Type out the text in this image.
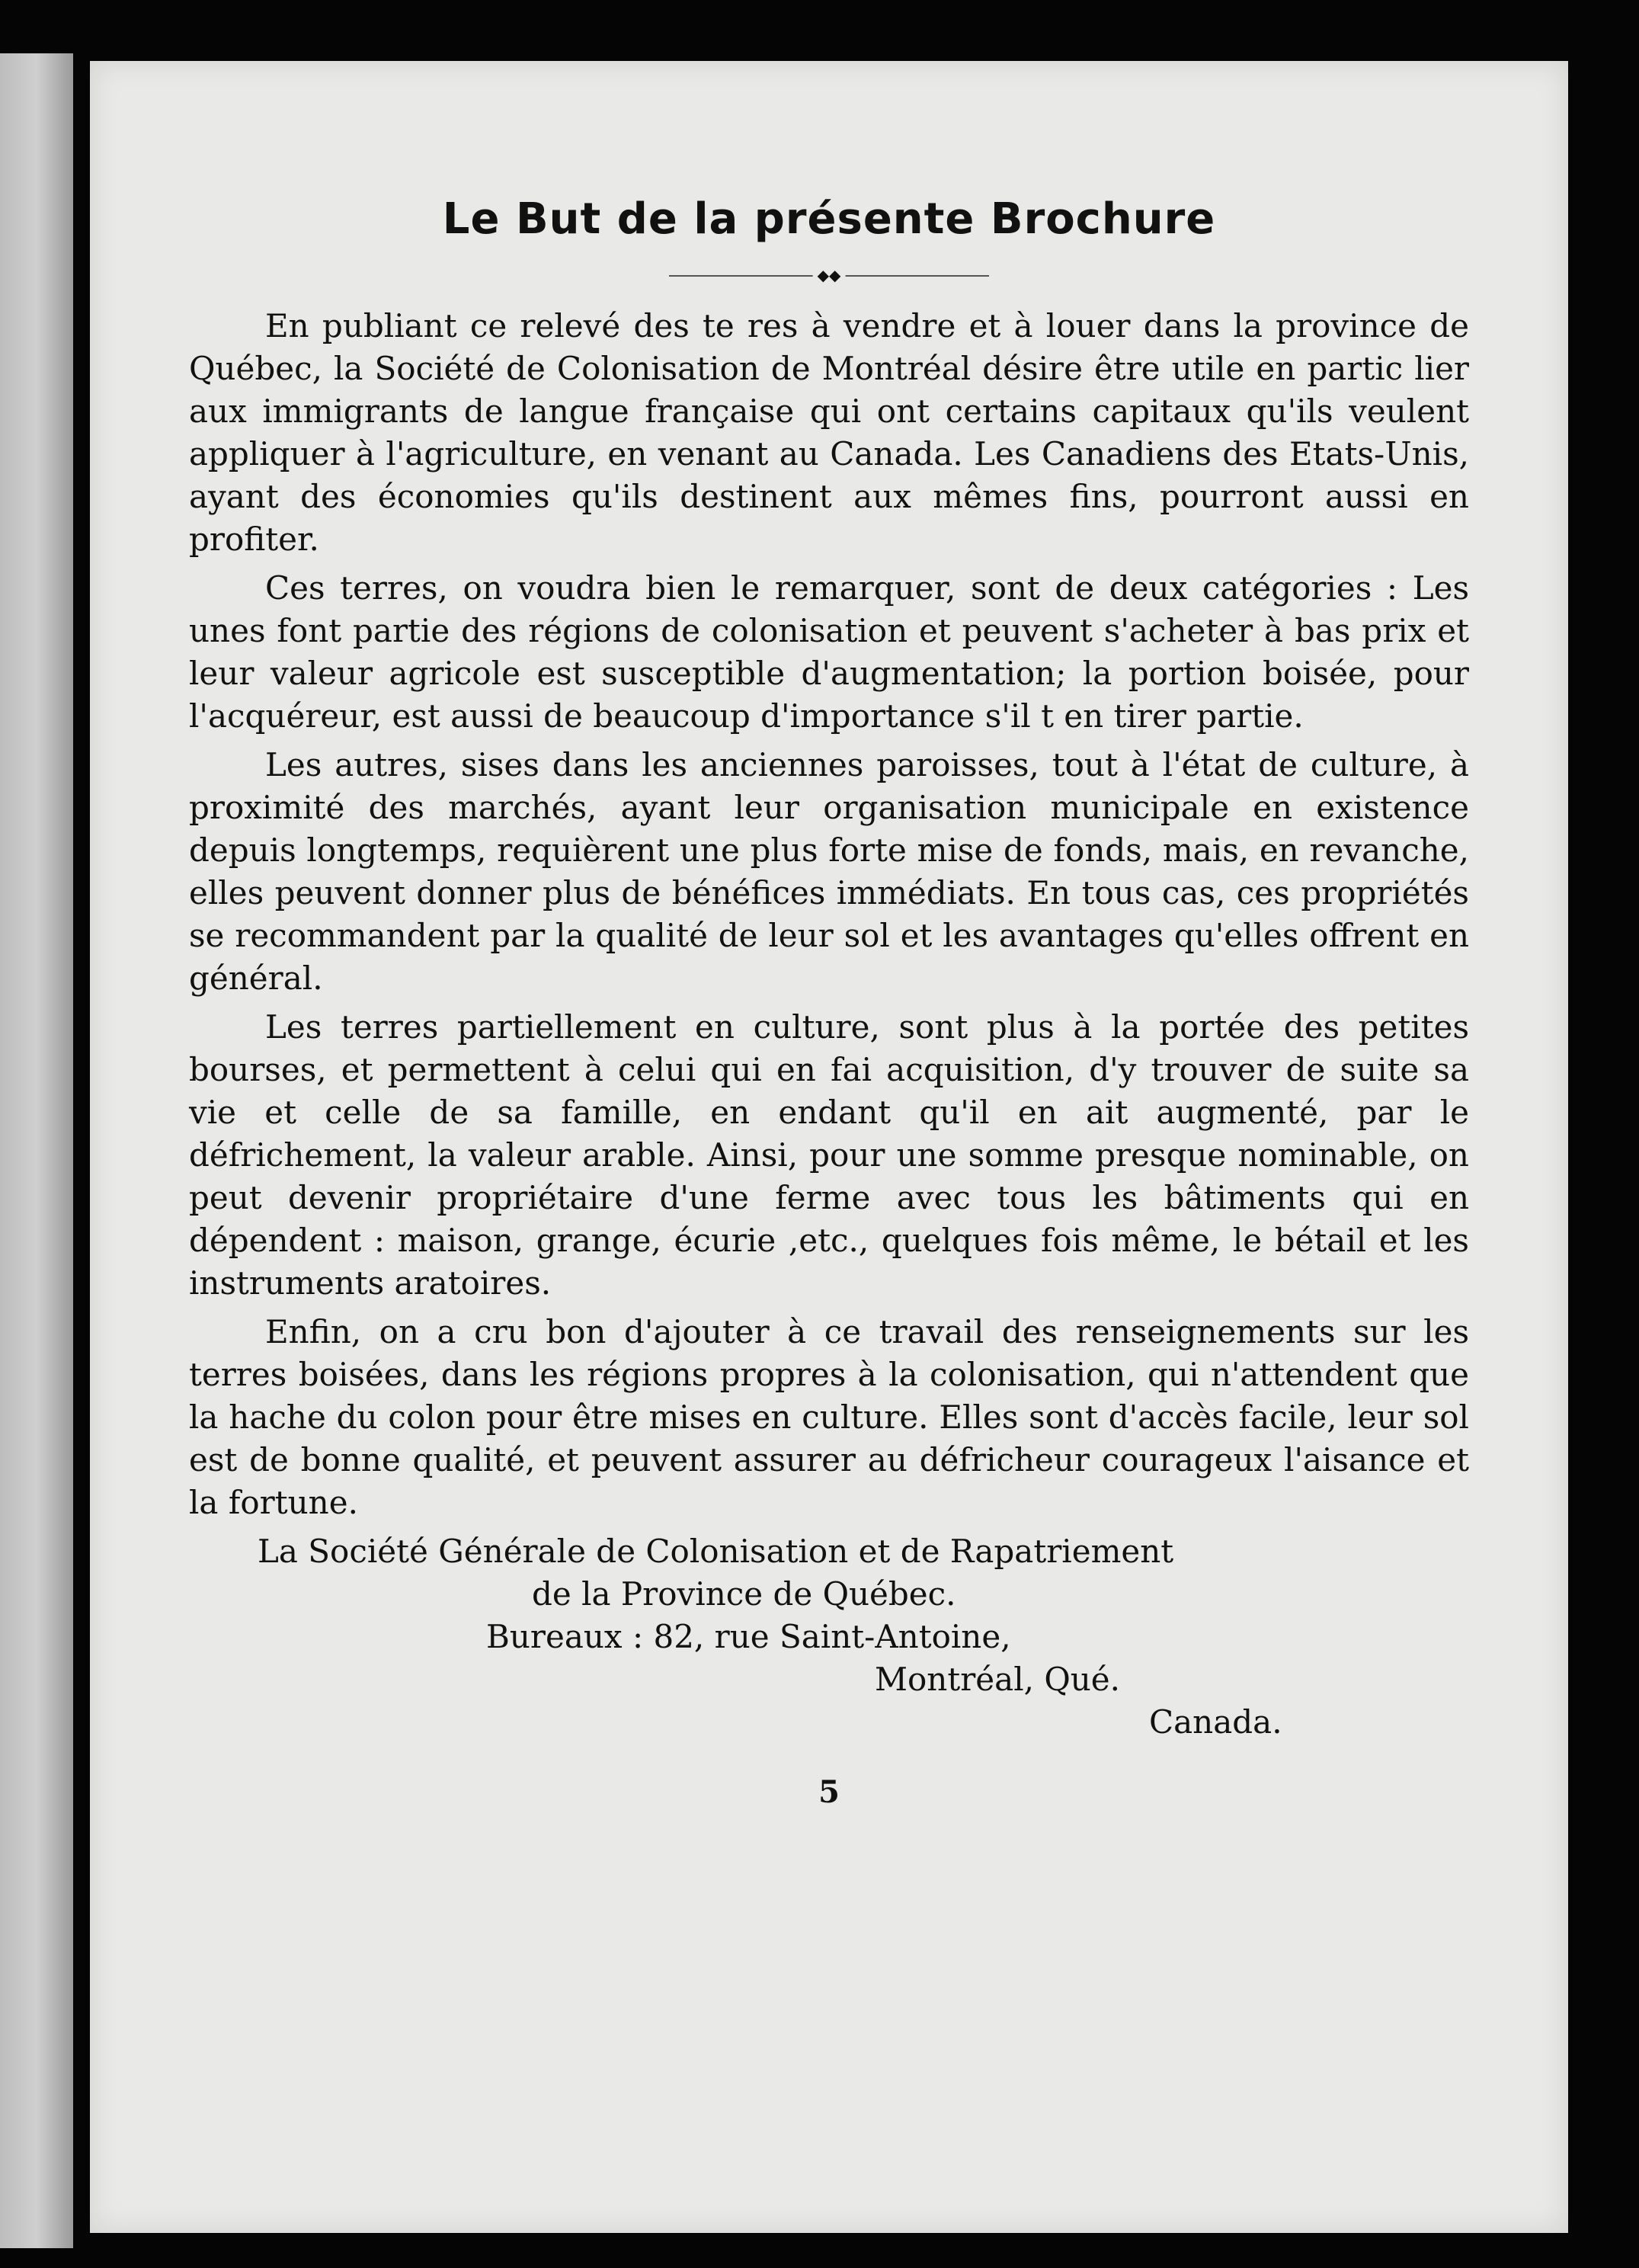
Le But de la présente Brochure
◆◆

En publiant ce relevé des te res à vendre et à louer dans la province de Québec, la Société de Colonisation de Montréal désire être utile en partic lier aux immigrants de langue française qui ont certains capitaux qu'ils veulent appliquer à l'agriculture, en venant au Canada. Les Canadiens des Etats-Unis, ayant des économies qu'ils destinent aux mêmes fins, pourront aussi en profiter.

Ces terres, on voudra bien le remarquer, sont de deux catégories : Les unes font partie des régions de colonisation et peuvent s'acheter à bas prix et leur valeur agricole est susceptible d'augmentation; la portion boisée, pour l'acquéreur, est aussi de beaucoup d'importance s'il t en tirer partie.

Les autres, sises dans les anciennes paroisses, tout à l'état de culture, à proximité des marchés, ayant leur organisation municipale en existence depuis longtemps, requièrent une plus forte mise de fonds, mais, en revanche, elles peuvent donner plus de bénéfices immédiats. En tous cas, ces propriétés se recommandent par la qualité de leur sol et les avantages qu'elles offrent en général.

Les terres partiellement en culture, sont plus à la portée des petites bourses, et permettent à celui qui en fai acquisition, d'y trouver de suite sa vie et celle de sa famille, en endant qu'il en ait augmenté, par le défrichement, la valeur arable. Ainsi, pour une somme presque nominable, on peut devenir propriétaire d'une ferme avec tous les bâtiments qui en dépendent : maison, grange, écurie ,etc., quelques fois même, le bétail et les instruments aratoires.

Enfin, on a cru bon d'ajouter à ce travail des renseignements sur les terres boisées, dans les régions propres à la colonisation, qui n'attendent que la hache du colon pour être mises en culture. Elles sont d'accès facile, leur sol est de bonne qualité, et peuvent assurer au défricheur courageux l'aisance et la fortune.

La Société Générale de Colonisation et de Rapatriement
de la Province de Québec.
Bureaux : 82, rue Saint-Antoine,
Montréal, Qué.
Canada.
5
